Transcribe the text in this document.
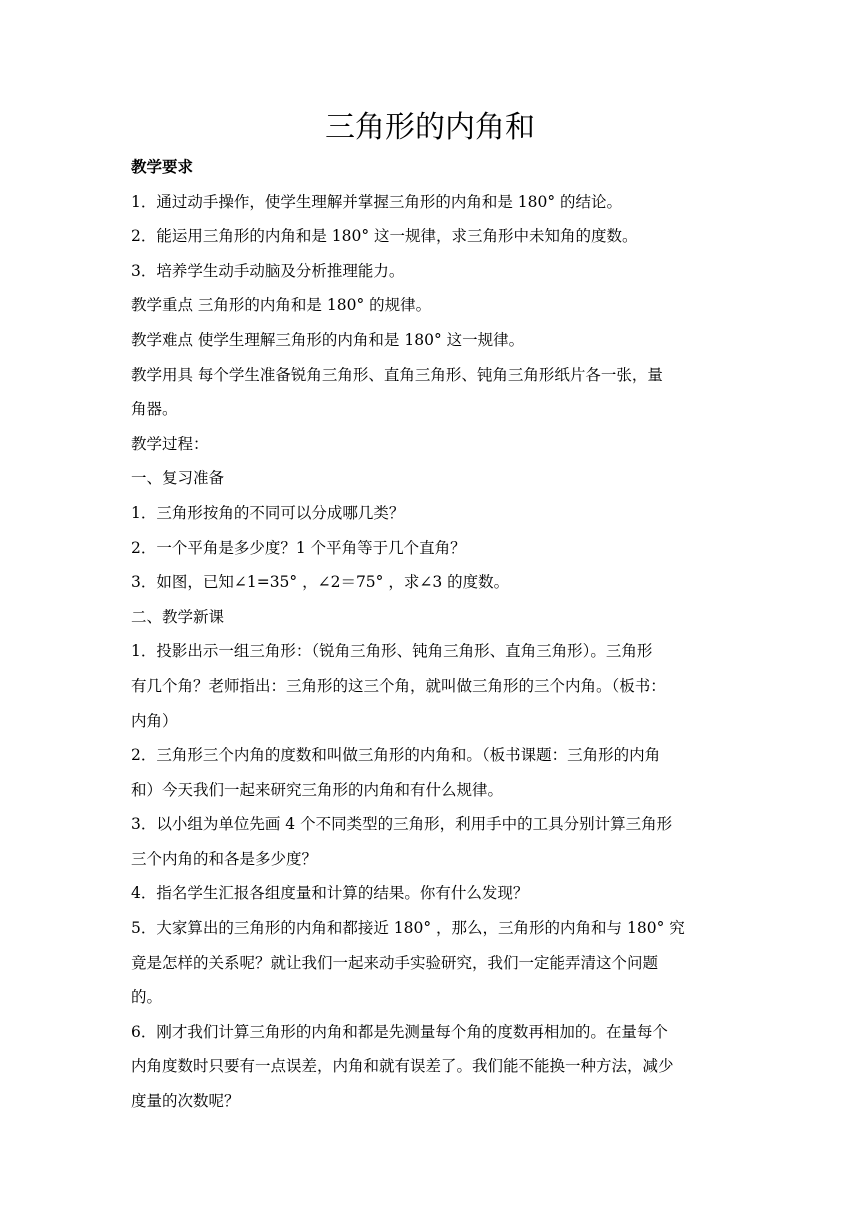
三角形的内角和
教学要求
1．通过动手操作，使学生理解并掌握三角形的内角和是 180° 的结论。
2．能运用三角形的内角和是 180° 这一规律，求三角形中未知角的度数。
3．培养学生动手动脑及分析推理能力。
教学重点 三角形的内角和是 180° 的规律。
教学难点 使学生理解三角形的内角和是 180° 这一规律。
教学用具 每个学生准备锐角三角形、直角三角形、钝角三角形纸片各一张，量
角器。
教学过程：
一、复习准备
1．三角形按角的不同可以分成哪几类？
2．一个平角是多少度？1 个平角等于几个直角？
3．如图，已知∠1=35° ，∠2＝75° ，求∠3 的度数。
二、教学新课
1．投影出示一组三角形：（锐角三角形、钝角三角形、直角三角形）。三角形
有几个角？老师指出：三角形的这三个角，就叫做三角形的三个内角。（板书：
内角）
2．三角形三个内角的度数和叫做三角形的内角和。（板书课题：三角形的内角
和）今天我们一起来研究三角形的内角和有什么规律。
3．以小组为单位先画 4 个不同类型的三角形，利用手中的工具分别计算三角形
三个内角的和各是多少度？
4．指名学生汇报各组度量和计算的结果。你有什么发现？
5．大家算出的三角形的内角和都接近 180° ，那么，三角形的内角和与 180° 究
竟是怎样的关系呢？就让我们一起来动手实验研究，我们一定能弄清这个问题
的。
6．刚才我们计算三角形的内角和都是先测量每个角的度数再相加的。在量每个
内角度数时只要有一点误差，内角和就有误差了。我们能不能换一种方法，减少
度量的次数呢？
